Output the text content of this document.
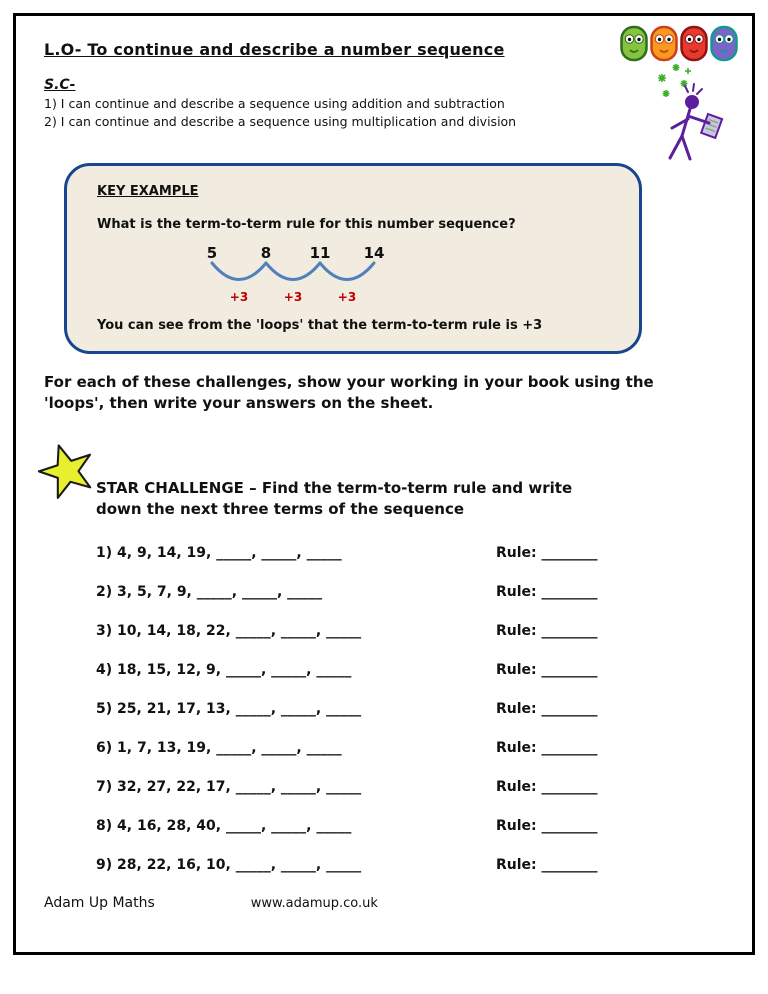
L.O- To continue and describe a number sequence
S.C-
1) I can continue and describe a sequence using addition and subtraction
2) I can continue and describe a sequence using multiplication and division
KEY EXAMPLE
What is the term-to-term rule for this number sequence?
5	8	11	14
+3	+3	+3
You can see from the 'loops' that the term-to-term rule is +3
For each of these challenges, show your working in your book using the
'loops', then write your answers on the sheet.
STAR CHALLENGE – Find the term-to-term rule and write
down the next three terms of the sequence
1) 4, 9, 14, 19, _____, _____, _____	Rule: ________
2) 3, 5, 7, 9, _____, _____, _____	Rule: ________
3) 10, 14, 18, 22, _____, _____, _____	Rule: ________
4) 18, 15, 12, 9, _____, _____, _____	Rule: ________
5) 25, 21, 17, 13, _____, _____, _____	Rule: ________
6) 1, 7, 13, 19, _____, _____, _____	Rule: ________
7) 32, 27, 22, 17, _____, _____, _____	Rule: ________
8) 4, 16, 28, 40, _____, _____, _____	Rule: ________
9) 28, 22, 16, 10, _____, _____, _____	Rule: ________
Adam Up Maths	www.adamup.co.uk
